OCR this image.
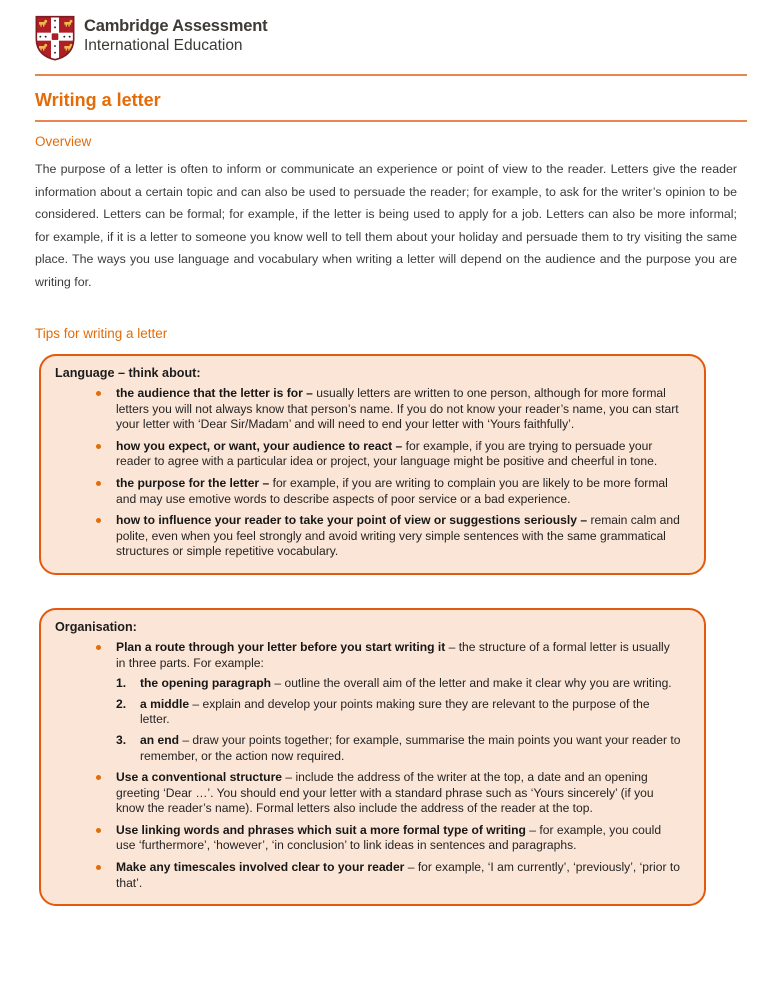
Cambridge Assessment
International Education
Writing a letter
Overview

The purpose of a letter is often to inform or communicate an experience or point of view to the reader. Letters give the reader information about a certain topic and can also be used to persuade the reader; for example, to ask for the writer’s opinion to be considered. Letters can be formal; for example, if the letter is being used to apply for a job. Letters can also be more informal; for example, if it is a letter to someone you know well to tell them about your holiday and persuade them to try visiting the same place. The ways you use language and vocabulary when writing a letter will depend on the audience and the purpose you are writing for.

Tips for writing a letter
Language – think about:

the audience that the letter is for – usually letters are written to one person, although for more formal letters you will not always know that person’s name. If you do not know your reader’s name, you can start your letter with ‘Dear Sir/Madam’ and will need to end your letter with ‘Yours faithfully’.

how you expect, or want, your audience to react – for example, if you are trying to persuade your reader to agree with a particular idea or project, your language might be positive and cheerful in tone.

the purpose for the letter – for example, if you are writing to complain you are likely to be more formal and may use emotive words to describe aspects of poor service or a bad experience.

how to influence your reader to take your point of view or suggestions seriously – remain calm and polite, even when you feel strongly and avoid writing very simple sentences with the same grammatical structures or simple repetitive vocabulary.

Organisation:

Plan a route through your letter before you start writing it – the structure of a formal letter is usually in three parts. For example:

1.	the opening paragraph – outline the overall aim of the letter and make it clear why you are writing.

2.	a middle – explain and develop your points making sure they are relevant to the purpose of the letter.

3.	an end – draw your points together; for example, summarise the main points you want your reader to remember, or the action now required.

Use a conventional structure – include the address of the writer at the top, a date and an opening greeting ‘Dear …’. You should end your letter with a standard phrase such as ‘Yours sincerely’ (if you know the reader’s name). Formal letters also include the address of the reader at the top.

Use linking words and phrases which suit a more formal type of writing – for example, you could use ‘furthermore’, ‘however’, ‘in conclusion’ to link ideas in sentences and paragraphs.

Make any timescales involved clear to your reader – for example, ‘I am currently’, ‘previously’, ‘prior to that’.
